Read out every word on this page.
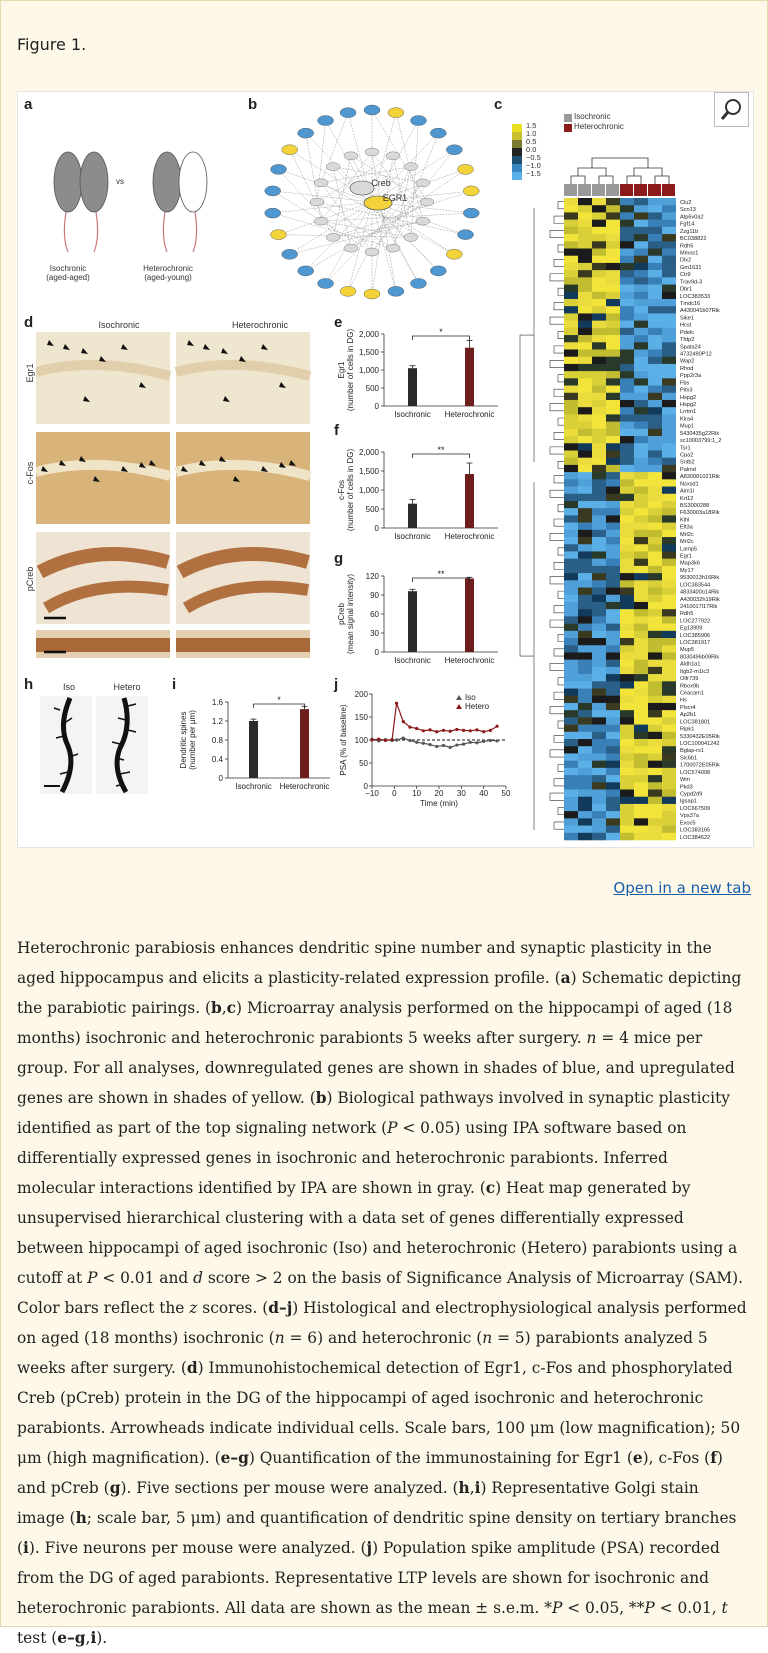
Figure 1.
a	b	c
d	e
f
g
h	i	j
Isochronic
(aged-aged)
vs
Heterochronic
(aged-young)
Creb
EGR1
Isochronic
Heterochronic
1.5
1.0
0.5
0.0
−0.5
−1.0
−1.5
Clu2
Scn13
Atp6v0a2
Fgf14
Zzg11b
BC038822
Rdh5
Mmos1
Dlx2
Gm1631
Ctr9
Trav9d-3
Dbr1
LOC383533
Tmdc16
A430041b07Rik
Sike1
Hcst
Pdelc
Tfdp2
Spata24
4732490P12
Wap2
Rhod
Ppp2r3a
Fbs
Pitx3
Hspg2
Hspg2
Lrrtm1
Klra4
Mup1
5430435g22Rik
sc10003799:1_2
Tsr1
Cpa2
Sntb2
Palmd
A830081021Rik
Nsxsd1
Aim1l
Krt12
BS3000288
F630003a18Rik
Klhl
Elt3a
Mrl2c
Mrl2c
Lamp5
Egr1
Map3k6
My17
9530013h16Rik
LOC383544
4833400o14Rik
A430032h19Rik
2410017l17Rik
Rdh5
LOC277922
Eg13909
LOC385906
LOC381917
Mup5
8030496b09Rik
Aldh1a1
Itgb2-m1lc3
Olfr739
Rbox9b
Ceacam1
Hs
Plscr4
Ap2b1
LOC381801
Ripk1
5330432E05Rik
LOC100041242
Bglap-rs1
Slc6b1
1700072E05Rik
LOC574008
Wm
Pkd3
Cypd2d9
Igsap1
LOC667509
Vps37a
Exoc5
LOC383165
LOC384622
Isochronic	Heterochronic
Egr1
c-Fos
pCreb
0
500
1,000
1,500
2,000
Isochronic Heterochronic
*
Egr1 (number of cells in DG)
0
500
1,000
1,500
2,000
Isochronic Heterochronic
**
c-Fos (number of cells in DG)
0
30
60
90
120
Isochronic Heterochronic
**
pCreb (mean signal intensity)
Iso	Hetero
0
0.4
0.8
1.2
1.6
Isochronic Heterochronic
*
Dendritic spines (number per μm)
0
50
100
150
200
−10 0 10 20 30 40 50
Iso
Hetero
Time (min)
PSA (% of baseline)
Open in a new tab
Heterochronic parabiosis enhances dendritic spine number and synaptic plasticity in the aged hippocampus and elicits a plasticity-related expression profile. (a) Schematic depicting the parabiotic pairings. (b,c) Microarray analysis performed on the hippocampi of aged (18 months) isochronic and heterochronic parabionts 5 weeks after surgery. n = 4 mice per group. For all analyses, downregulated genes are shown in shades of blue, and upregulated genes are shown in shades of yellow. (b) Biological pathways involved in synaptic plasticity identified as part of the top signaling network (P < 0.05) using IPA software based on differentially expressed genes in isochronic and heterochronic parabionts. Inferred molecular interactions identified by IPA are shown in gray. (c) Heat map generated by unsupervised hierarchical clustering with a data set of genes differentially expressed between hippocampi of aged isochronic (Iso) and heterochronic (Hetero) parabionts using a cutoff at P < 0.01 and d score > 2 on the basis of Significance Analysis of Microarray (SAM). Color bars reflect the z scores. (d–j) Histological and electrophysiological analysis performed on aged (18 months) isochronic (n = 6) and heterochronic (n = 5) parabionts analyzed 5 weeks after surgery. (d) Immunohistochemical detection of Egr1, c-Fos and phosphorylated Creb (pCreb) protein in the DG of the hippocampi of aged isochronic and heterochronic parabionts. Arrowheads indicate individual cells. Scale bars, 100 μm (low magnification); 50 μm (high magnification). (e–g) Quantification of the immunostaining for Egr1 (e), c-Fos (f) and pCreb (g). Five sections per mouse were analyzed. (h,i) Representative Golgi stain image (h; scale bar, 5 μm) and quantification of dendritic spine density on tertiary branches (i). Five neurons per mouse were analyzed. (j) Population spike amplitude (PSA) recorded from the DG of aged parabionts. Representative LTP levels are shown for isochronic and heterochronic parabionts. All data are shown as the mean ± s.e.m. *P < 0.05, **P < 0.01, t test (e–g,i).
